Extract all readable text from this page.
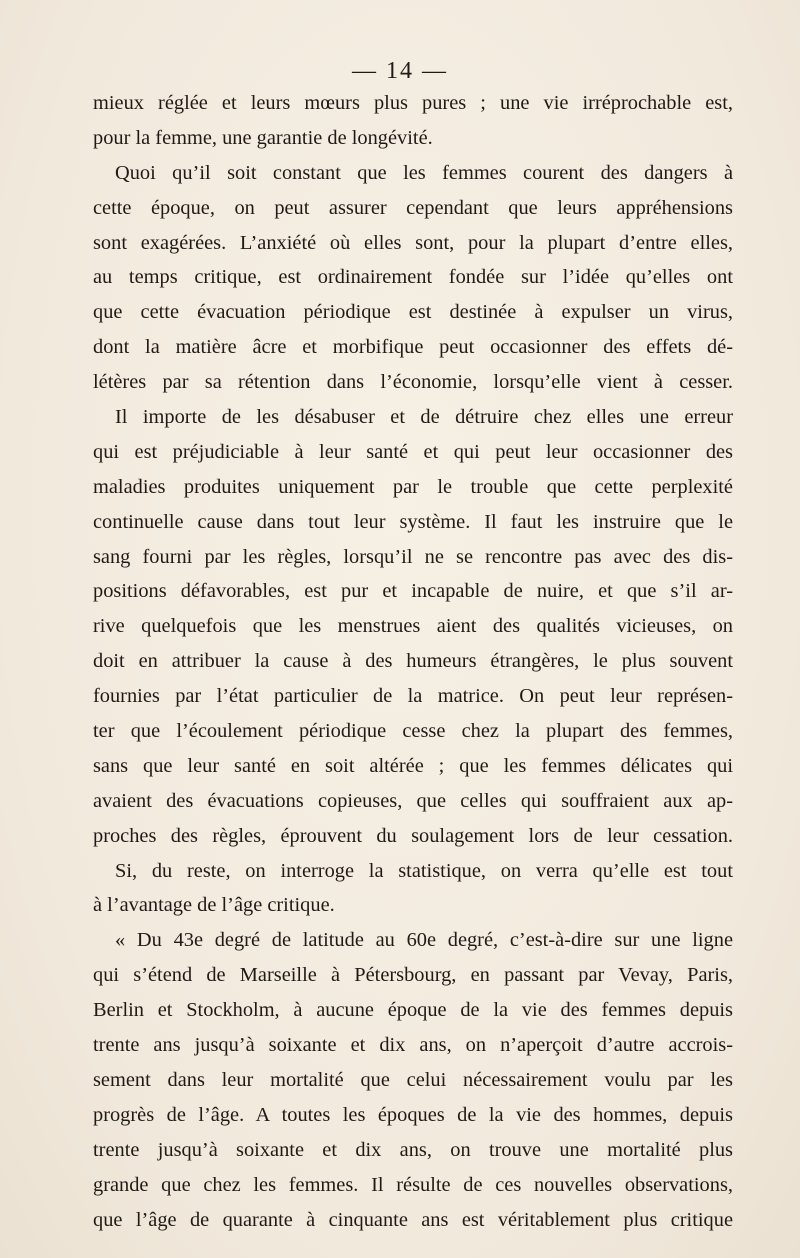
— 14 —
mieux réglée et leurs mœurs plus pures ; une vie irréprochable est,
pour la femme, une garantie de longévité.
Quoi qu’il soit constant que les femmes courent des dangers à
cette époque, on peut assurer cependant que leurs appréhensions
sont exagérées. L’anxiété où elles sont, pour la plupart d’entre elles,
au temps critique, est ordinairement fondée sur l’idée qu’elles ont
que cette évacuation périodique est destinée à expulser un virus,
dont la matière âcre et morbifique peut occasionner des effets dé-
létères par sa rétention dans l’économie, lorsqu’elle vient à cesser.
Il importe de les désabuser et de détruire chez elles une erreur
qui est préjudiciable à leur santé et qui peut leur occasionner des
maladies produites uniquement par le trouble que cette perplexité
continuelle cause dans tout leur système. Il faut les instruire que le
sang fourni par les règles, lorsqu’il ne se rencontre pas avec des dis-
positions défavorables, est pur et incapable de nuire, et que s’il ar-
rive quelquefois que les menstrues aient des qualités vicieuses, on
doit en attribuer la cause à des humeurs étrangères, le plus souvent
fournies par l’état particulier de la matrice. On peut leur représen-
ter que l’écoulement périodique cesse chez la plupart des femmes,
sans que leur santé en soit altérée ; que les femmes délicates qui
avaient des évacuations copieuses, que celles qui souffraient aux ap-
proches des règles, éprouvent du soulagement lors de leur cessation.
Si, du reste, on interroge la statistique, on verra qu’elle est tout
à l’avantage de l’âge critique.
« Du 43e degré de latitude au 60e degré, c’est-à-dire sur une ligne
qui s’étend de Marseille à Pétersbourg, en passant par Vevay, Paris,
Berlin et Stockholm, à aucune époque de la vie des femmes depuis
trente ans jusqu’à soixante et dix ans, on n’aperçoit d’autre accrois-
sement dans leur mortalité que celui nécessairement voulu par les
progrès de l’âge. A toutes les époques de la vie des hommes, depuis
trente jusqu’à soixante et dix ans, on trouve une mortalité plus
grande que chez les femmes. Il résulte de ces nouvelles observations,
que l’âge de quarante à cinquante ans est véritablement plus critique
